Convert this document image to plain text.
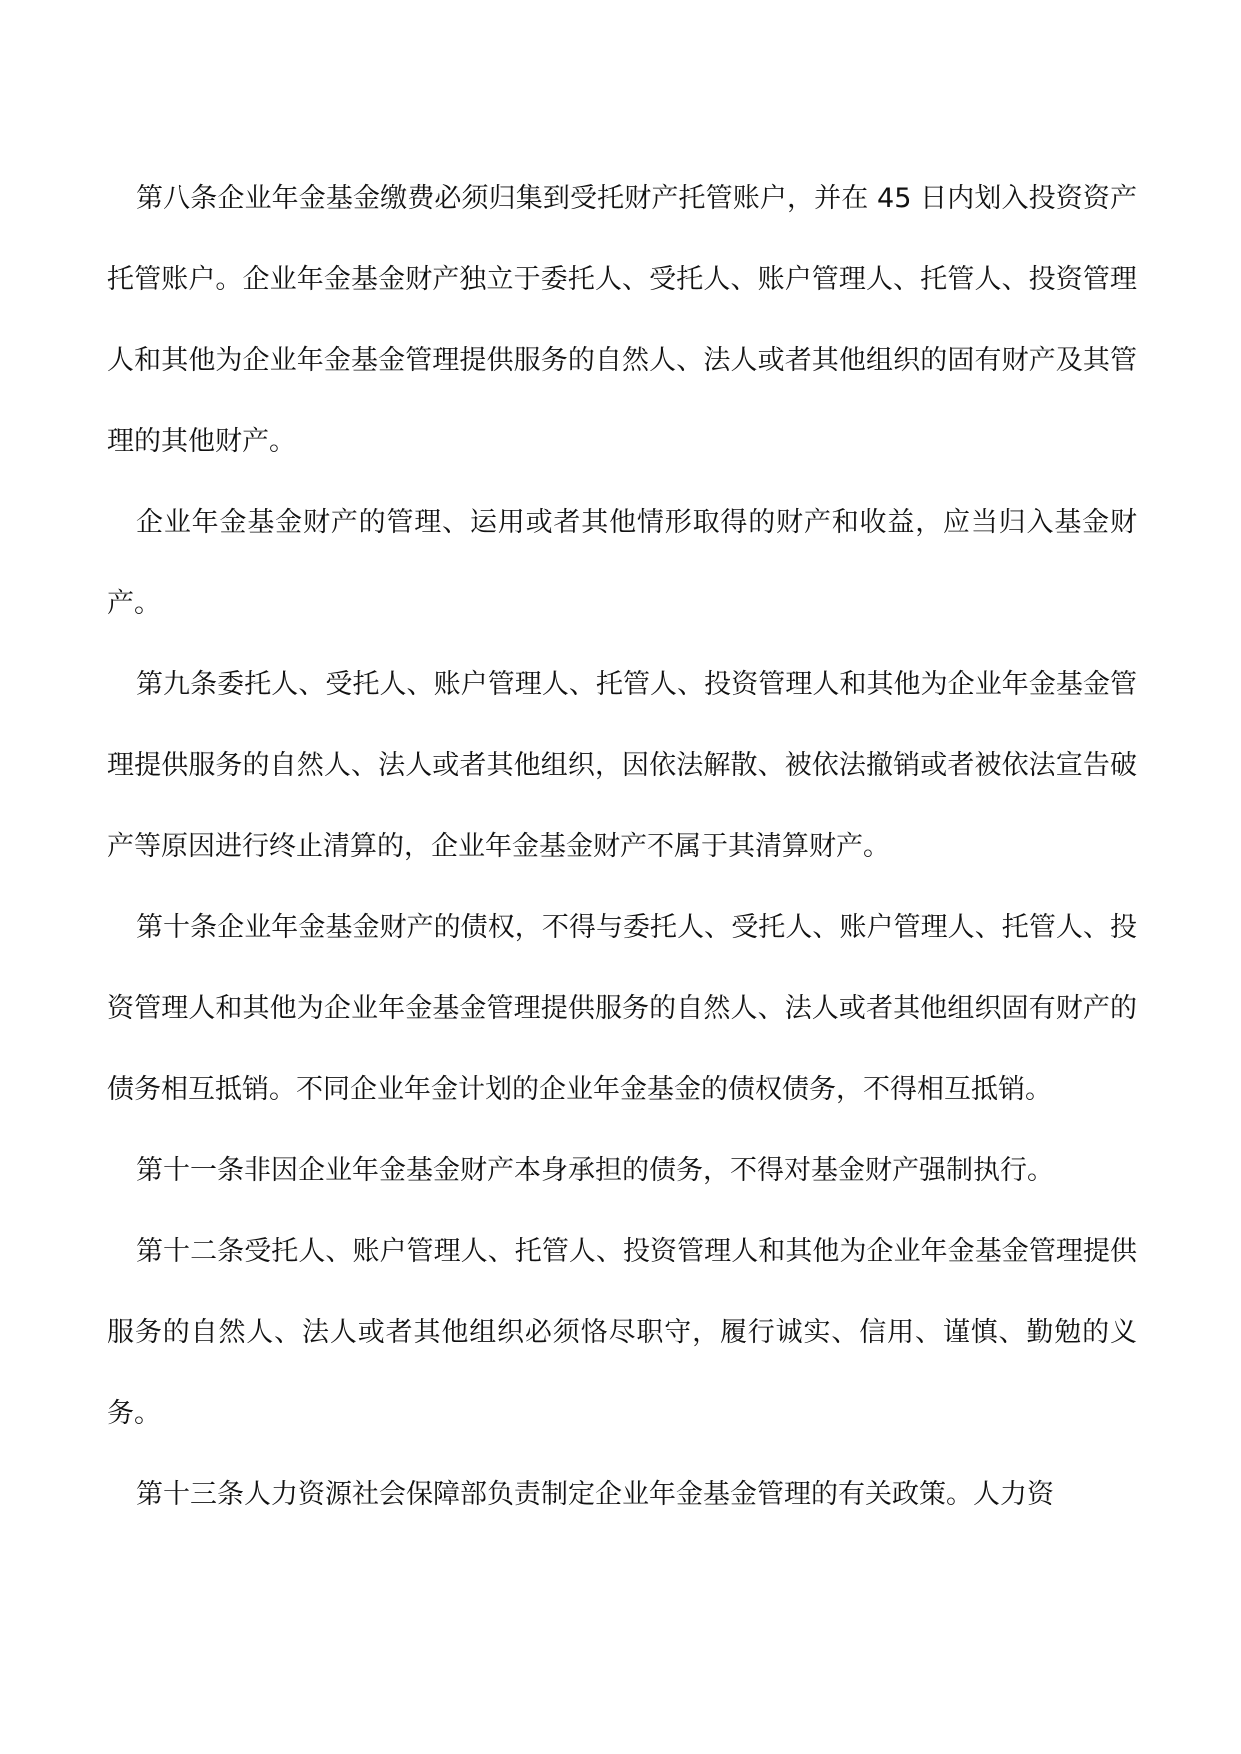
第八条企业年金基金缴费必须归集到受托财产托管账户，并在 45 日内划入投资资产托管账户。企业年金基金财产独立于委托人、受托人、账户管理人、托管人、投资管理人和其他为企业年金基金管理提供服务的自然人、法人或者其他组织的固有财产及其管理的其他财产。

企业年金基金财产的管理、运用或者其他情形取得的财产和收益，应当归入基金财产。

第九条委托人、受托人、账户管理人、托管人、投资管理人和其他为企业年金基金管理提供服务的自然人、法人或者其他组织，因依法解散、被依法撤销或者被依法宣告破产等原因进行终止清算的，企业年金基金财产不属于其清算财产。

第十条企业年金基金财产的债权，不得与委托人、受托人、账户管理人、托管人、投资管理人和其他为企业年金基金管理提供服务的自然人、法人或者其他组织固有财产的债务相互抵销。不同企业年金计划的企业年金基金的债权债务，不得相互抵销。

第十一条非因企业年金基金财产本身承担的债务，不得对基金财产强制执行。

第十二条受托人、账户管理人、托管人、投资管理人和其他为企业年金基金管理提供服务的自然人、法人或者其他组织必须恪尽职守，履行诚实、信用、谨慎、勤勉的义务。

第十三条人力资源社会保障部负责制定企业年金基金管理的有关政策。人力资
